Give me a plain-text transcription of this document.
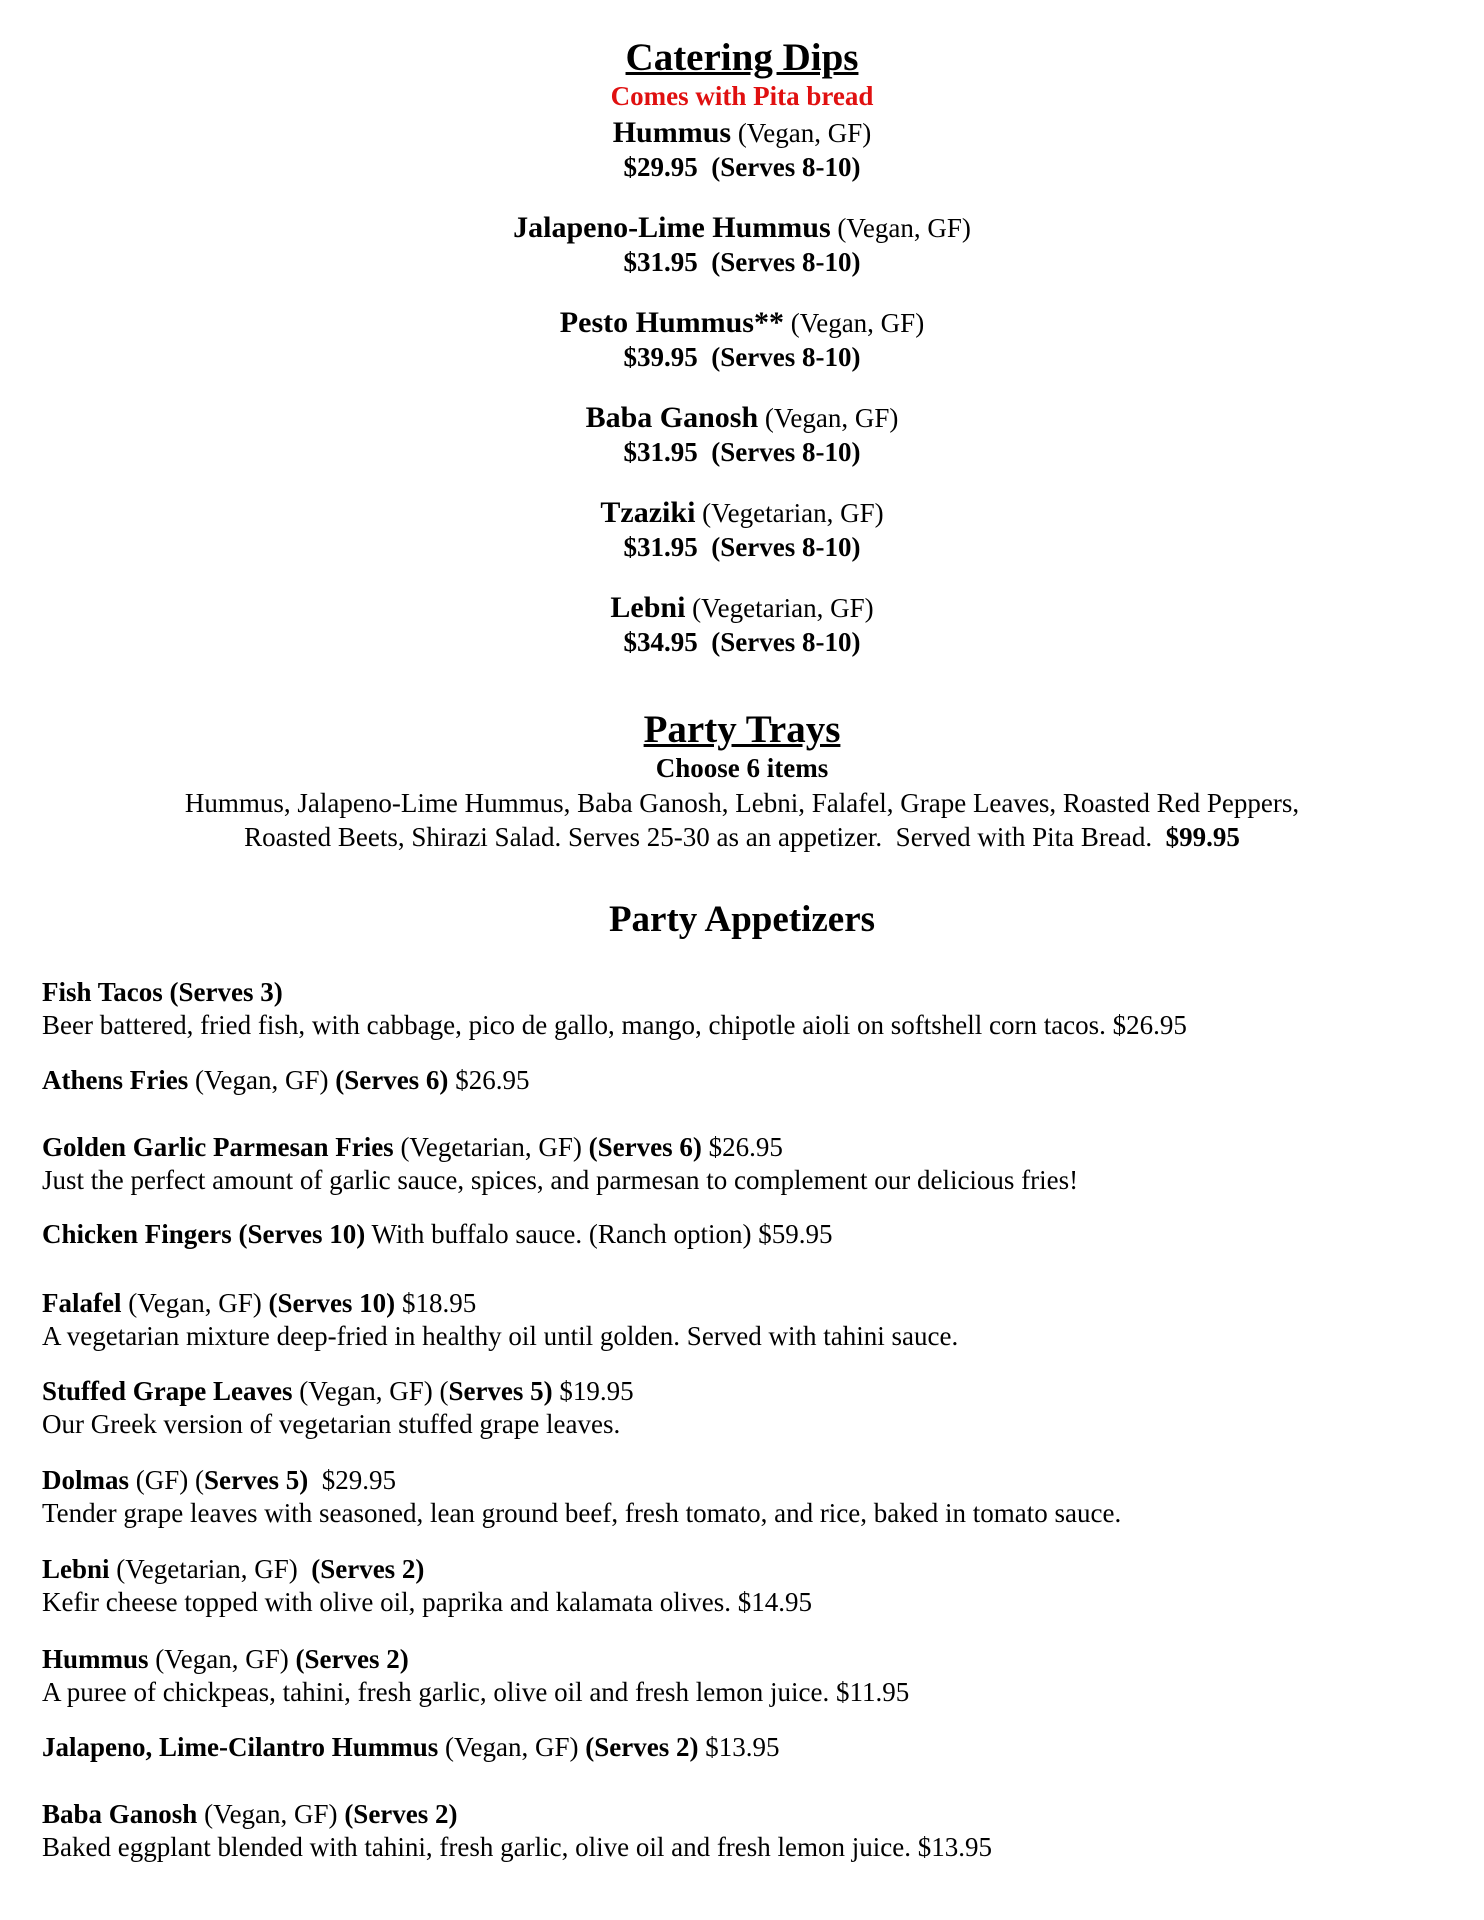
Catering Dips
Comes with Pita bread
Hummus (Vegan, GF)
$29.95  (Serves 8-10)
Jalapeno-Lime Hummus (Vegan, GF)
$31.95  (Serves 8-10)
Pesto Hummus** (Vegan, GF)
$39.95  (Serves 8-10)
Baba Ganosh (Vegan, GF)
$31.95  (Serves 8-10)
Tzaziki (Vegetarian, GF)
$31.95  (Serves 8-10)
Lebni (Vegetarian, GF)
$34.95  (Serves 8-10)
Party Trays
Choose 6 items
Hummus, Jalapeno-Lime Hummus, Baba Ganosh, Lebni, Falafel, Grape Leaves, Roasted Red Peppers,
Roasted Beets, Shirazi Salad. Serves 25-30 as an appetizer.  Served with Pita Bread.  $99.95
Party Appetizers
Fish Tacos (Serves 3)
Beer battered, fried fish, with cabbage, pico de gallo, mango, chipotle aioli on softshell corn tacos. $26.95
Athens Fries (Vegan, GF) (Serves 6) $26.95
Golden Garlic Parmesan Fries (Vegetarian, GF) (Serves 6) $26.95
Just the perfect amount of garlic sauce, spices, and parmesan to complement our delicious fries!
Chicken Fingers (Serves 10) With buffalo sauce. (Ranch option) $59.95
Falafel (Vegan, GF) (Serves 10) $18.95
A vegetarian mixture deep-fried in healthy oil until golden. Served with tahini sauce.
Stuffed Grape Leaves (Vegan, GF) (Serves 5) $19.95
Our Greek version of vegetarian stuffed grape leaves.
Dolmas (GF) (Serves 5)  $29.95
Tender grape leaves with seasoned, lean ground beef, fresh tomato, and rice, baked in tomato sauce.
Lebni (Vegetarian, GF)  (Serves 2)
Kefir cheese topped with olive oil, paprika and kalamata olives. $14.95
Hummus (Vegan, GF) (Serves 2)
A puree of chickpeas, tahini, fresh garlic, olive oil and fresh lemon juice. $11.95
Jalapeno, Lime-Cilantro Hummus (Vegan, GF) (Serves 2) $13.95
Baba Ganosh (Vegan, GF) (Serves 2)
Baked eggplant blended with tahini, fresh garlic, olive oil and fresh lemon juice. $13.95
